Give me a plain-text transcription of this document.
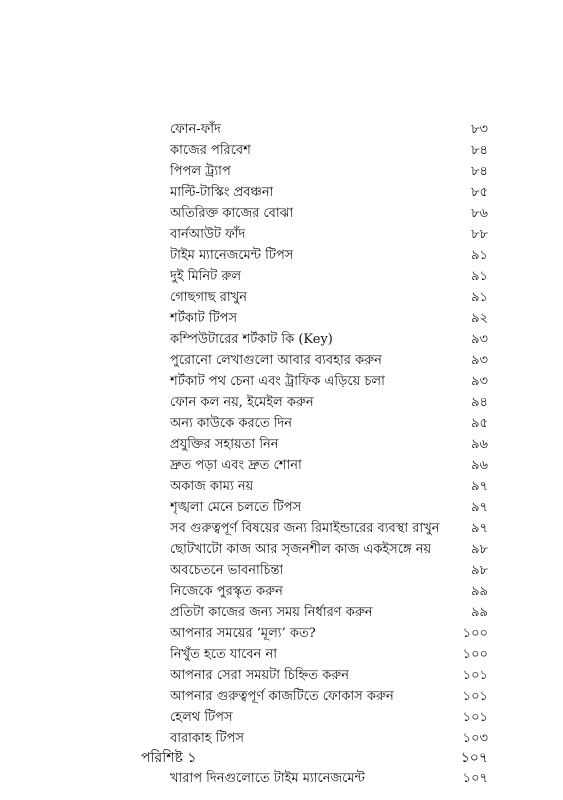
ফোন-ফাঁদ	৮৩
কাজের পরিবেশ	৮৪
পিপল ট্র্যাপ	৮৪
মাল্টি-টাস্কিং প্রবঞ্চনা	৮৫
অতিরিক্ত কাজের বোঝা	৮৬
বার্নআউট ফাঁদ	৮৮
টাইম ম্যানেজমেন্ট টিপস	৯১
দুই মিনিট রুল	৯১
গোছগাছ রাখুন	৯১
শর্টকাট টিপস	৯২
কম্পিউটারের শর্টকাট কি (Key)	৯৩
পুরোনো লেখাগুলো আবার ব্যবহার করুন	৯৩
শর্টকাট পথ চেনা এবং ট্রাফিক এড়িয়ে চলা	৯৩
ফোন কল নয়, ইমেইল করুন	৯৪
অন্য কাউকে করতে দিন	৯৫
প্রযুক্তির সহায়তা নিন	৯৬
দ্রুত পড়া এবং দ্রুত শোনা	৯৬
অকাজ কাম্য নয়	৯৭
শৃঙ্খলা মেনে চলতে টিপস	৯৭
সব গুরুত্বপূর্ণ বিষয়ের জন্য রিমাইন্ডারের ব্যবস্থা রাখুন	৯৭
ছোটখাটো কাজ আর সৃজনশীল কাজ একইসঙ্গে নয়	৯৮
অবচেতনে ভাবনাচিন্তা	৯৮
নিজেকে পুরস্কৃত করুন	৯৯
প্রতিটা কাজের জন্য সময় নির্ধারণ করুন	৯৯
আপনার সময়ের ‘মূল্য’ কত?	১০০
নিখুঁত হতে যাবেন না	১০০
আপনার সেরা সময়টা চিহ্নিত করুন	১০১
আপনার গুরুত্বপূর্ণ কাজটিতে ফোকাস করুন	১০১
হেলথ টিপস	১০১
বারাকাহ টিপস	১০৩
পরিশিষ্ট ১	১০৭
খারাপ দিনগুলোতে টাইম ম্যানেজমেন্ট	১০৭
